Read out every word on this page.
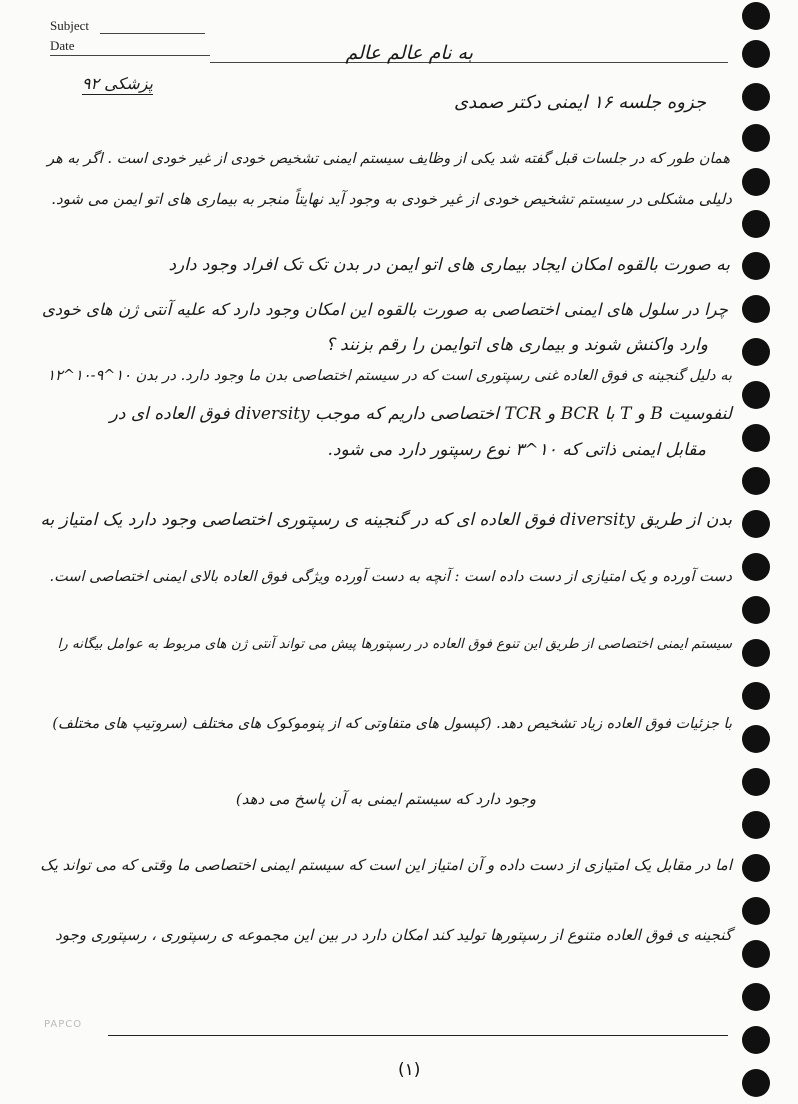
Subject
Date	به نام عالم عالم
پزشکی ۹۲
جزوه جلسه ۱۶ ایمنی دکتر صمدی
همان طور که در جلسات قبل گفته شد یکی از وظایف سیستم ایمنی تشخیص خودی از غیر خودی است . اگر به هر
دلیلی مشکلی در سیستم تشخیص خودی از غیر خودی به وجود آید نهایتاً منجر به بیماری های اتو ایمن می شود.
به صورت بالقوه امکان ایجاد بیماری های اتو ایمن در بدن تک تک افراد وجود دارد
چرا در سلول های ایمنی اختصاصی به صورت بالقوه این امکان وجود دارد که علیه آنتی ژن های خودی
وارد واکنش شوند و بیماری های اتوایمن را رقم بزنند ؟
به دلیل گنجینه ی فوق العاده غنی رسپتوری است که در سیستم اختصاصی بدن ما وجود دارد. در بدن ۱۰^۹-۱۰^۱۲
لنفوسیت B و T با BCR و TCR اختصاصی داریم که موجب diversity فوق العاده ای در
مقابل ایمنی ذاتی که ۱۰^۳ نوع رسپتور دارد می شود.
بدن از طریق diversity فوق العاده ای که در گنجینه ی رسپتوری اختصاصی وجود دارد یک امتیاز به
دست آورده و یک امتیازی از دست داده است : آنچه به دست آورده ویژگی فوق العاده بالای ایمنی اختصاصی است.
سیستم ایمنی اختصاصی از طریق این تنوع فوق العاده در رسپتورها پیش می تواند آنتی ژن های مربوط به عوامل بیگانه را
با جزئیات فوق العاده زیاد تشخیص دهد. (کپسول های متفاوتی که از پنوموکوک های مختلف (سروتیپ های مختلف)
وجود دارد که سیستم ایمنی به آن پاسخ می دهد)
اما در مقابل یک امتیازی از دست داده و آن امتیاز این است که سیستم ایمنی اختصاصی ما وقتی که می تواند یک
گنجینه ی فوق العاده متنوع از رسپتورها تولید کند امکان دارد در بین این مجموعه ی رسپتوری ، رسپتوری وجود
PAPCO
(۱)
